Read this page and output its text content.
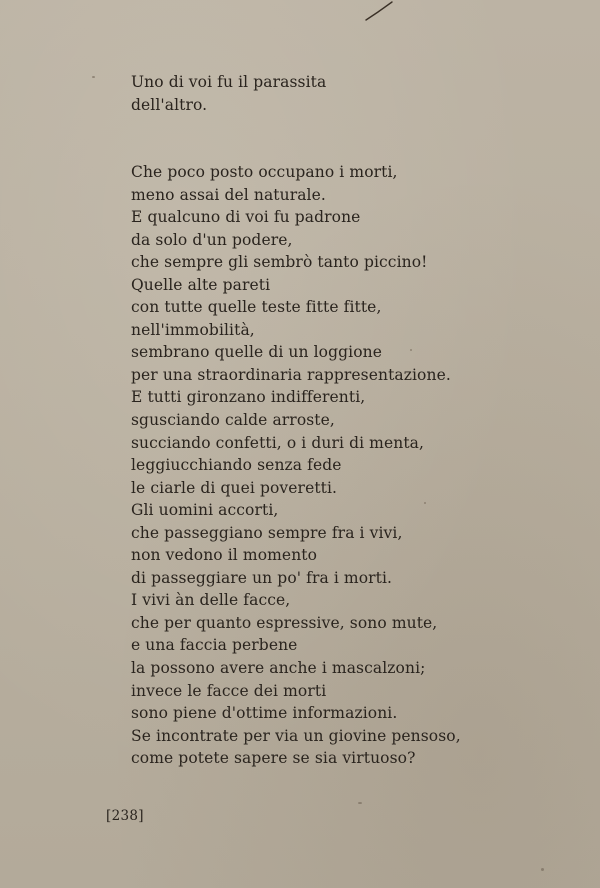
Uno di voi fu il parassita
dell'altro.
Che poco posto occupano i morti,
meno assai del naturale.
E qualcuno di voi fu padrone
da solo d'un podere,
che sempre gli sembrò tanto piccino!
Quelle alte pareti
con tutte quelle teste fitte fitte,
nell'immobilità,
sembrano quelle di un loggione
per una straordinaria rappresentazione.
E tutti gironzano indifferenti,
sgusciando calde arroste,
succiando confetti, o i duri di menta,
leggiucchiando senza fede
le ciarle di quei poveretti.
Gli uomini accorti,
che passeggiano sempre fra i vivi,
non vedono il momento
di passeggiare un po' fra i morti.
I vivi àn delle facce,
che per quanto espressive, sono mute,
e una faccia perbene
la possono avere anche i mascalzoni;
invece le facce dei morti
sono piene d'ottime informazioni.
Se incontrate per via un giovine pensoso,
come potete sapere se sia virtuoso?
[238]
